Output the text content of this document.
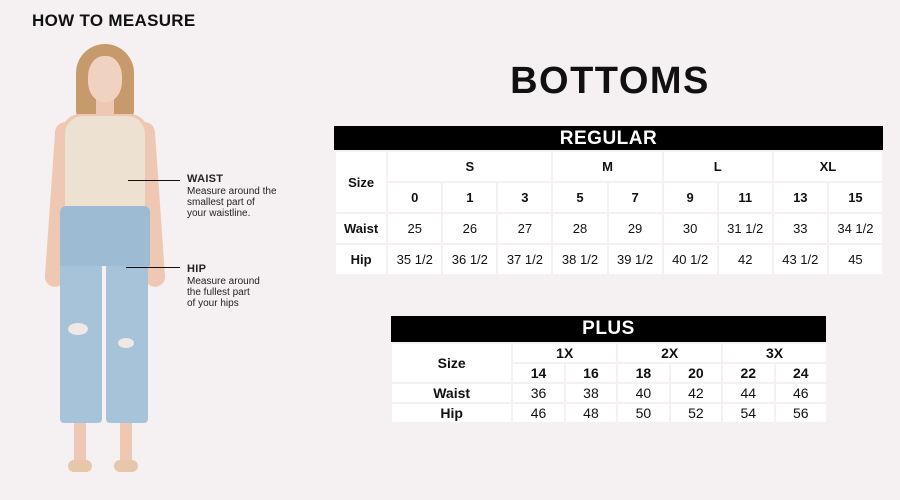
HOW TO MEASURE
WAIST
Measure around the
smallest part of
your waistline.
HIP
Measure around
the fullest part
of your hips
BOTTOMS
REGULAR
Size	S			M		L		XL	
	0	1	3	5	7	9	11	13	15
Waist	25	26	27	28	29	30	31 1/2	33	34 1/2
Hip	35 1/2	36 1/2	37 1/2	38 1/2	39 1/2	40 1/2	42	43 1/2	45
PLUS
Size	1X		2X		3X	
	14	16	18	20	22	24
Waist	36	38	40	42	44	46
Hip	46	48	50	52	54	56
